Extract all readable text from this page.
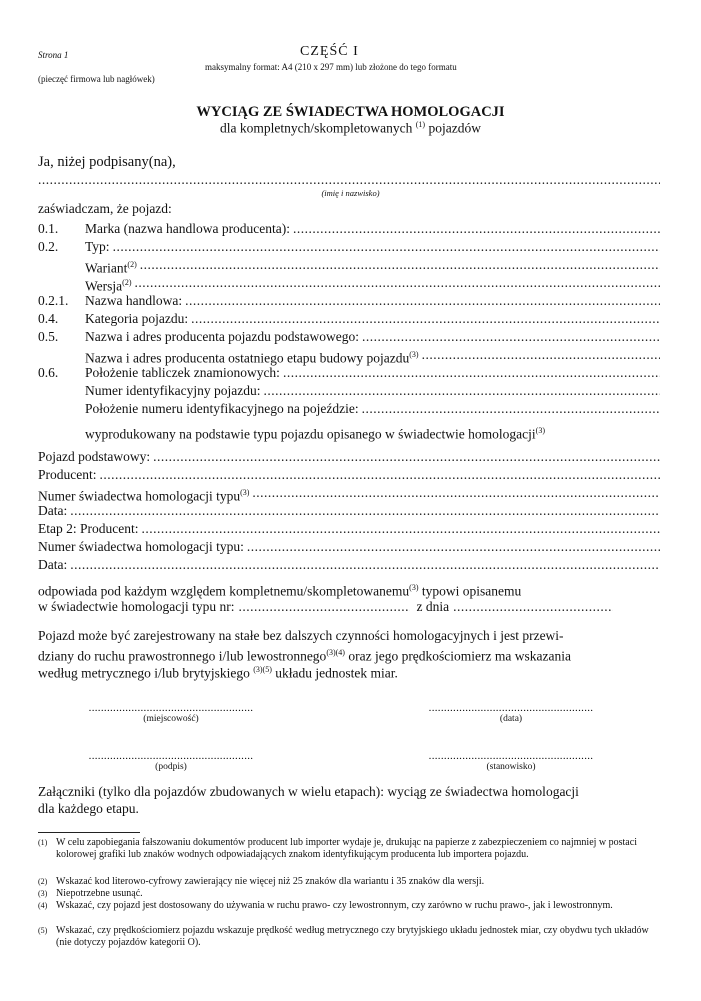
Strona 1	CZĘŚĆ I
maksymalny format: A4 (210 x 297 mm) lub złożone do tego formatu
(pieczęć firmowa lub nagłówek)
WYCIĄG ZE ŚWIADECTWA HOMOLOGACJI
dla kompletnych/skompletowanych $^{(1)}$ pojazdów
Ja, niżej podpisany(na),
.....
(imię i nazwisko)
zaświadczam, że pojazd:
0.1.	Marka (nazwa handlowa producenta):
.....
0.2.	Typ:
.....
Wariant$^{(2)}$
.....
Wersja$^{(2)}$
.....
0.2.1.	Nazwa handlowa:
.....
0.4.	Kategoria pojazdu:
.....
0.5.	Nazwa i adres producenta pojazdu podstawowego:
.....
Nazwa i adres producenta ostatniego etapu budowy pojazdu$^{(3)}$
.....
0.6.	Położenie tabliczek znamionowych:
.....
Numer identyfikacyjny pojazdu:
.....
Położenie numeru identyfikacyjnego na pojeździe:
.....
wyprodukowany na podstawie typu pojazdu opisanego w świadectwie homologacji$^{(3)}$
Pojazd podstawowy:
.....
Producent:
.....
Numer świadectwa homologacji typu$^{(3)}$
.....
Data:
.....
Etap 2: Producent:
.....
Numer świadectwa homologacji typu:
.....
Data:
.....
odpowiada pod każdym względem kompletnemu/skompletowanemu$^{(3)}$ typowi opisanemu
w świadectwie homologacji typu nr:
.....	z dnia
.....
Pojazd może być zarejestrowany na stałe bez dalszych czynności homologacyjnych i jest przewi-
dziany do ruchu prawostronnego i/lub lewostronnego$^{(3)(4)}$ oraz jego prędkościomierz ma wskazania
według metrycznego i/lub brytyjskiego $^{(3)(5)}$ układu jednostek miar.
......................................................
(miejscowość)
......................................................
(data)
......................................................
(podpis)
......................................................
(stanowisko)
Załączniki (tylko dla pojazdów zbudowanych w wielu etapach): wyciąg ze świadectwa homologacji
dla każdego etapu.
(1) W celu zapobiegania fałszowaniu dokumentów producent lub importer wydaje je, drukując na papierze z zabezpieczeniem co najmniej w postaci kolorowej grafiki lub znaków wodnych odpowiadających znakom identyfikującym producenta lub importera pojazdu.
(2) Wskazać kod literowo-cyfrowy zawierający nie więcej niż 25 znaków dla wariantu i 35 znaków dla wersji.
(3) Niepotrzebne usunąć.
(4) Wskazać, czy pojazd jest dostosowany do używania w ruchu prawo- czy lewostronnym, czy zarówno w ruchu prawo-, jak i lewostronnym.
(5) Wskazać, czy prędkościomierz pojazdu wskazuje prędkość według metrycznego czy brytyjskiego układu jednostek miar, czy obydwu tych układów (nie dotyczy pojazdów kategorii O).
